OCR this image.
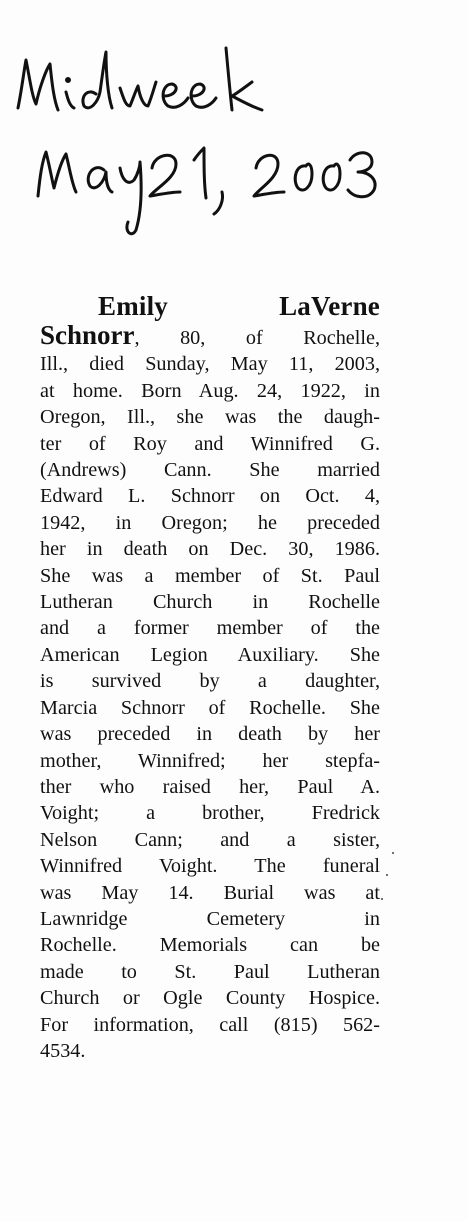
Emily	LaVerne

Schnorr, 80, of Rochelle,
Ill., died Sunday, May 11, 2003,
at home. Born Aug. 24, 1922, in
Oregon, Ill., she was the daugh-
ter of Roy and Winnifred G.
(Andrews) Cann. She married
Edward L. Schnorr on Oct. 4,
1942, in Oregon; he preceded
her in death on Dec. 30, 1986.
She was a member of St. Paul
Lutheran Church in Rochelle
and a former member of the
American Legion Auxiliary. She
is survived by a daughter,
Marcia Schnorr of Rochelle. She
was preceded in death by her
mother, Winnifred; her stepfa-
ther who raised her, Paul A.
Voight; a brother, Fredrick
Nelson Cann; and a sister,
Winnifred Voight. The funeral
was May 14. Burial was at
Lawnridge Cemetery in
Rochelle. Memorials can be
made to St. Paul Lutheran
Church or Ogle County Hospice.
For information, call (815) 562-
4534.
